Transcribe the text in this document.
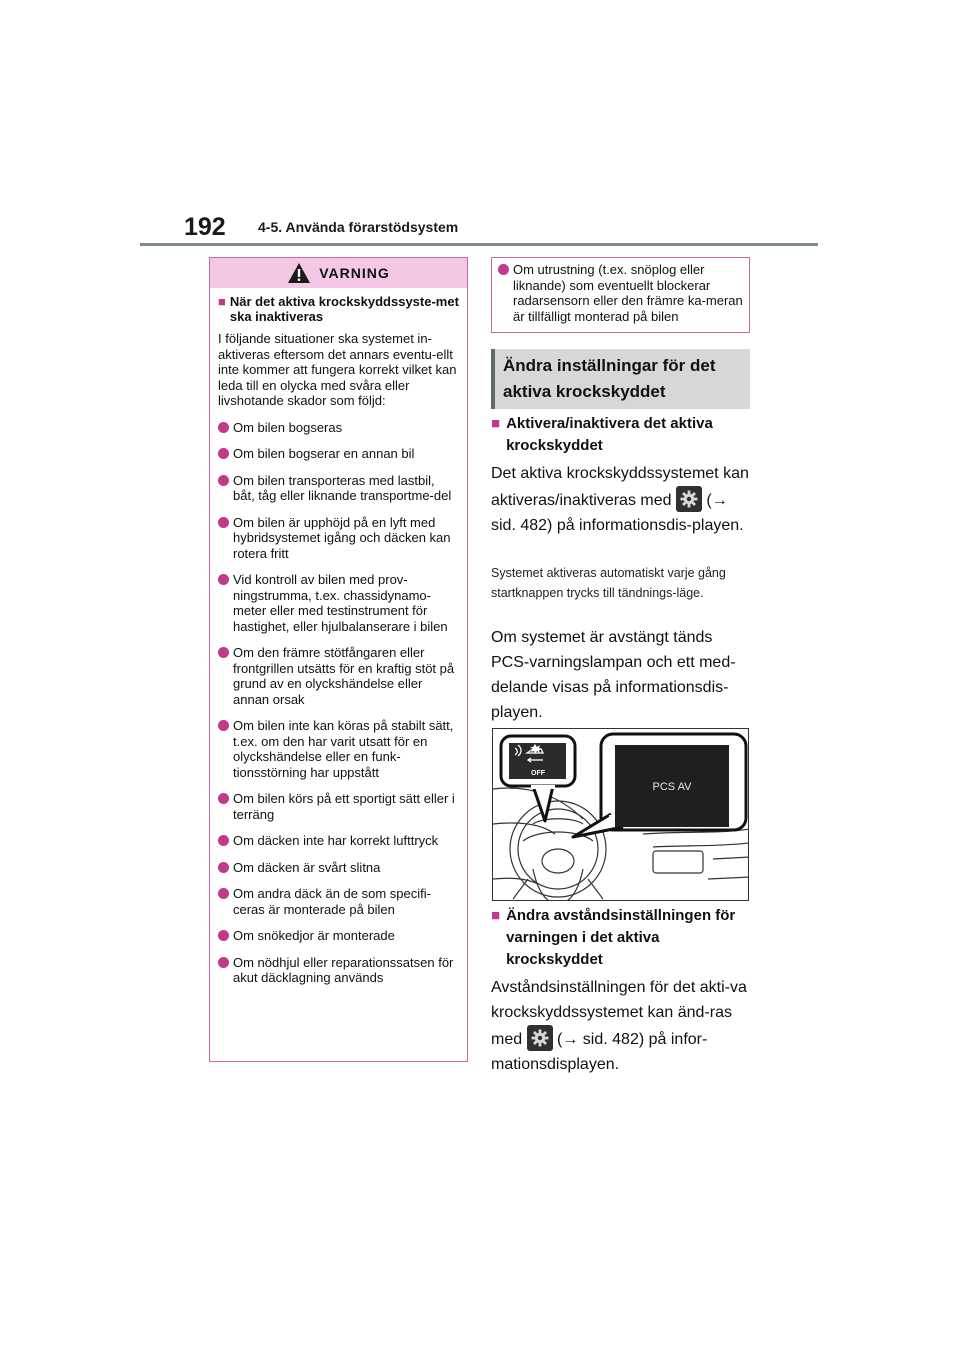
192 4-5. Använda förarstödsystem
VARNING
■ När det aktiva krockskyddssyste-met ska inaktiveras
I följande situationer ska systemet in-aktiveras eftersom det annars eventu-ellt inte kommer att fungera korrekt vilket kan leda till en olycka med svåra eller livshotande skador som följd:
Om bilen bogseras
Om bilen bogserar en annan bil
Om bilen transporteras med lastbil, båt, tåg eller liknande transportme-del
Om bilen är upphöjd på en lyft med hybridsystemet igång och däcken kan rotera fritt
Vid kontroll av bilen med prov-ningstrumma, t.ex. chassidynamo-meter eller med testinstrument för hastighet, eller hjulbalanserare i bilen
Om den främre stötfångaren eller frontgrillen utsätts för en kraftig stöt på grund av en olyckshändelse eller annan orsak
Om bilen inte kan köras på stabilt sätt, t.ex. om den har varit utsatt för en olyckshändelse eller en funk-tionsstörning har uppstått
Om bilen körs på ett sportigt sätt eller i terräng
Om däcken inte har korrekt lufttryck
Om däcken är svårt slitna
Om andra däck än de som specifi-ceras är monterade på bilen
Om snökedjor är monterade
Om nödhjul eller reparationssatsen för akut däcklagning används
Om utrustning (t.ex. snöplog eller liknande) som eventuellt blockerar radarsensorn eller den främre ka-meran är tillfälligt monterad på bilen
Ändra inställningar för det aktiva krockskyddet
■ Aktivera/inaktivera det aktiva krockskyddet
Det aktiva krockskyddssystemet kan aktiveras/inaktiveras med (→ sid. 482) på informationsdis-playen.
Systemet aktiveras automatiskt varje gång startknappen trycks till tändnings-läge.
Om systemet är avstängt tänds PCS-varningslampan och ett med-delande visas på informationsdis-playen.
OFF
PCS AV
■ Ändra avståndsinställningen för varningen i det aktiva krockskyddet
Avståndsinställningen för det akti-va krockskyddssystemet kan änd-ras med (→ sid. 482) på infor-mationsdisplayen.
